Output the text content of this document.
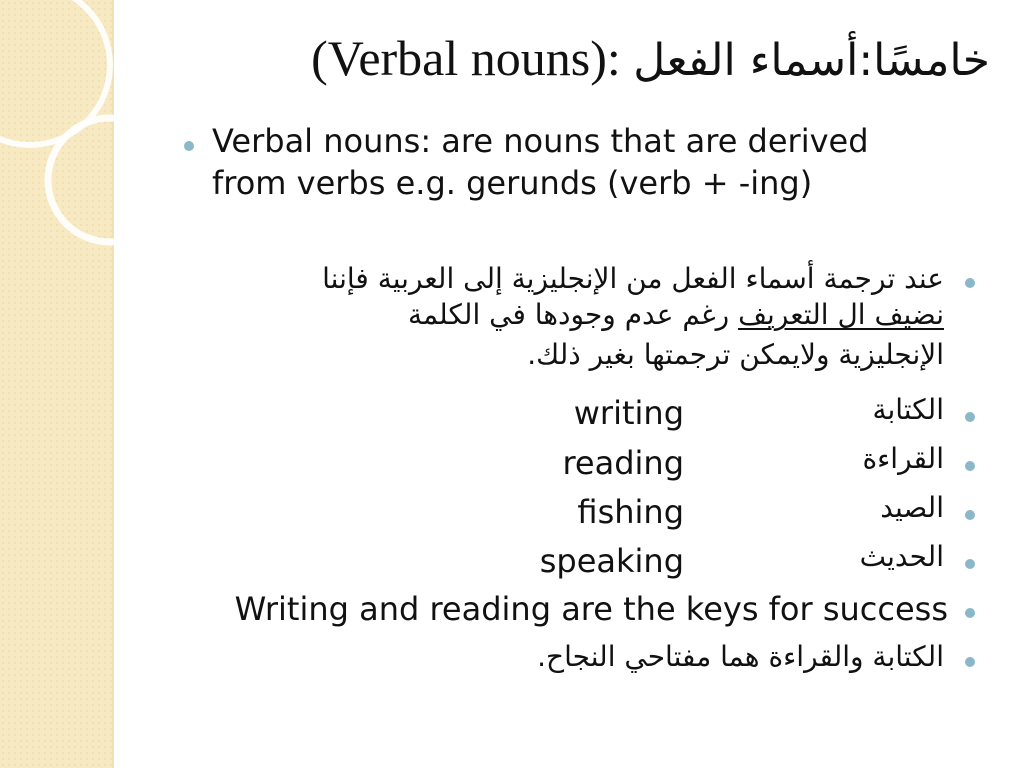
(Verbal nouns): خامسًا:أسماء الفعل
Verbal nouns: are nouns that are derived
from verbs e.g. gerunds (verb + -ing)
عند ترجمة أسماء الفعل من الإنجليزية إلى العربية فإننا
نضيف ال التعريف رغم عدم وجودها في الكلمة
الإنجليزية ولايمكن ترجمتها بغير ذلك.
الكتابة
writing
القراءة
reading
الصيد
fishing
الحديث
speaking
Writing and reading are the keys for success
الكتابة والقراءة هما مفتاحي النجاح.
